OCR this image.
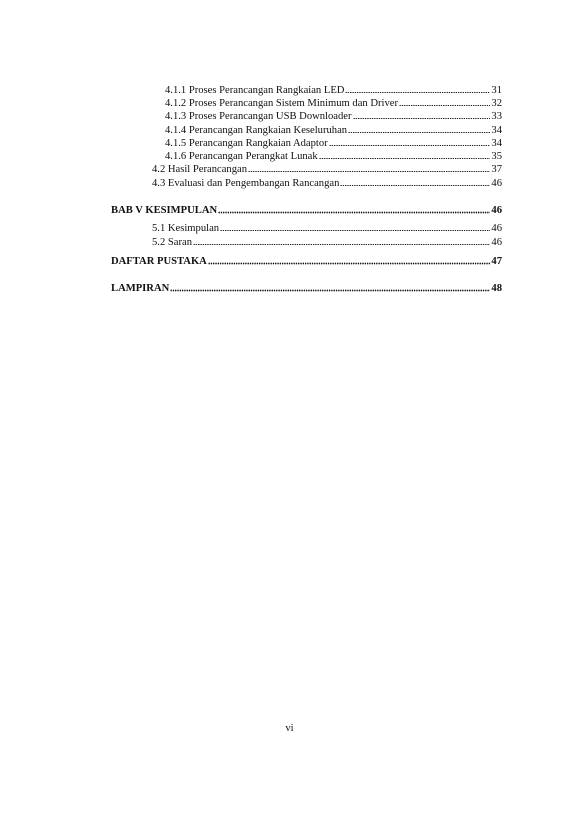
4.1.1 Proses Perancangan Rangkaian LED	31
4.1.2 Proses Perancangan Sistem Minimum dan Driver	32
4.1.3 Proses Perancangan USB Downloader	33
4.1.4 Perancangan Rangkaian Keseluruhan	34
4.1.5 Perancangan Rangkaian Adaptor	34
4.1.6 Perancangan Perangkat Lunak	35
4.2 Hasil Perancangan	37
4.3 Evaluasi dan Pengembangan Rancangan	46
BAB V KESIMPULAN	46
5.1 Kesimpulan	46
5.2 Saran	46
DAFTAR PUSTAKA	47
LAMPIRAN	48
vi
